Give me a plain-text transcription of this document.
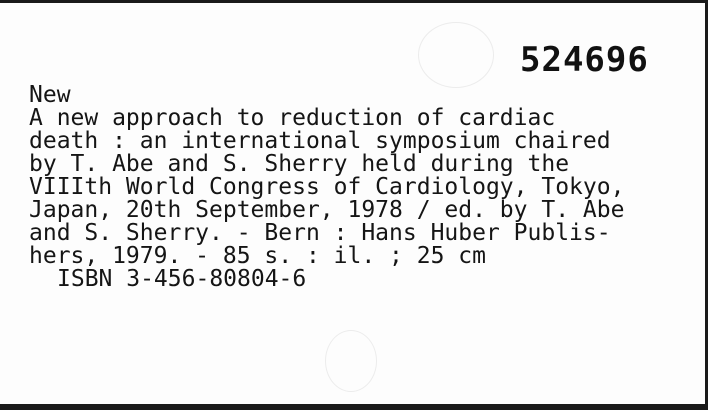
524696
New
A new approach to reduction of cardiac
death : an international symposium chaired
by T. Abe and S. Sherry held during the
VIIIth World Congress of Cardiology, Tokyo,
Japan, 20th September, 1978 / ed. by T. Abe
and S. Sherry. - Bern : Hans Huber Publis-
hers, 1979. - 85 s. : il. ; 25 cm
ISBN 3-456-80804-6
